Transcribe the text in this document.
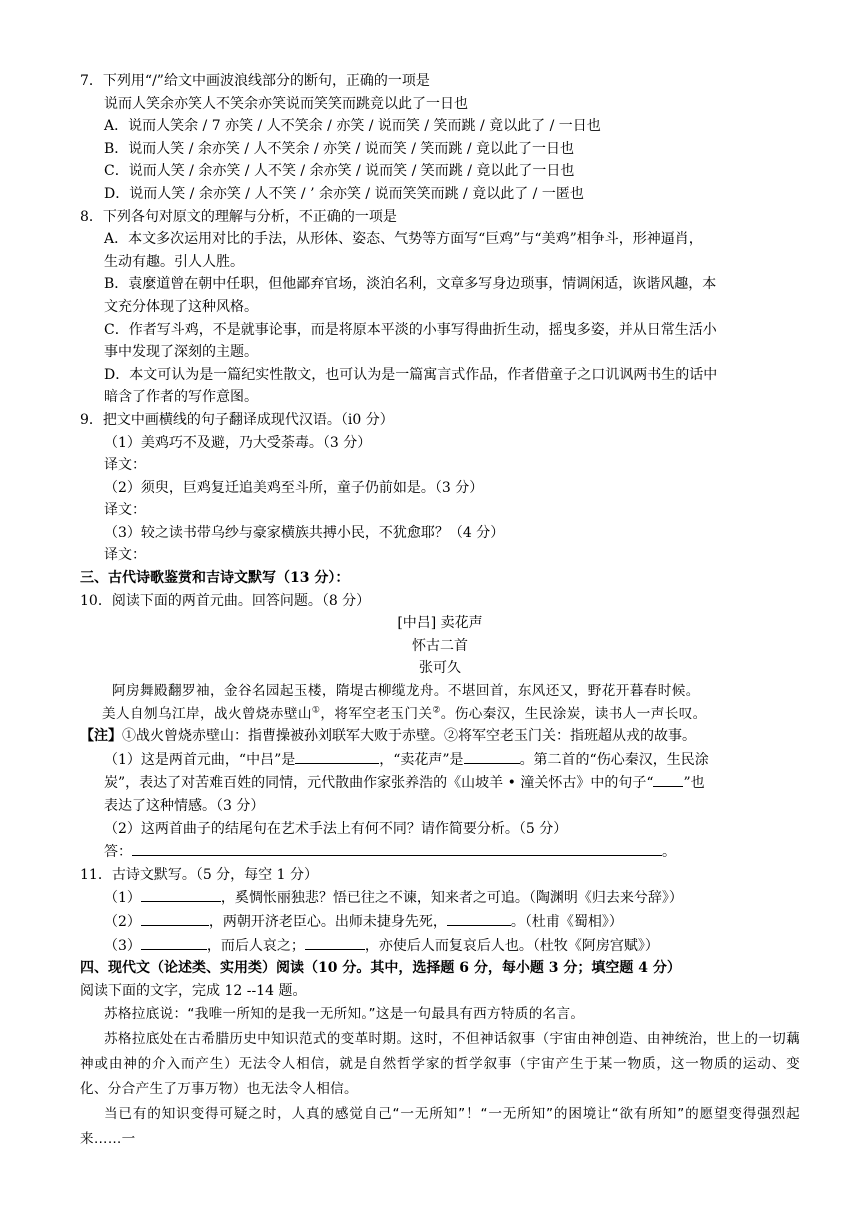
7．下列用“/”给文中画波浪线部分的断句，正确的一项是
说而人笑余亦笑人不笑余亦笑说而笑笑而跳竞以此了一日也
A．说而人笑余 / 7 亦笑 / 人不笑余 / 亦笑 / 说而笑 / 笑而跳 / 竟以此了 / 一日也
B．说而人笑 / 余亦笑 / 人不笑余 / 亦笑 / 说而笑 / 笑而跳 / 竟以此了一日也
C．说而人笑 / 余亦笑 / 人不笑 / 余亦笑 / 说而笑 / 笑而跳 / 竟以此了一日也
D．说而人笑 / 余亦笑 / 人不笑 / ’ 余亦笑 / 说而笑笑而跳 / 竟以此了 / 一匿也
8．下列各句对原文的理解与分析，不正确的一项是
A．本文多次运用对比的手法，从形体、姿态、气势等方面写“巨鸡”与“美鸡”相争斗，形神逼肖，
生动有趣。引人人胜。
B．袁麼道曾在朝中任职，但他鄙弃官场，淡泊名利，文章多写身边琐事，情调闲适，诙谐风趣，本
文充分体现了这种风格。
C．作者写斗鸡，不是就事论事，而是将原本平淡的小事写得曲折生动，摇曳多姿，并从日常生活小
事中发现了深刻的主题。
D．本文可认为是一篇纪实性散文，也可认为是一篇寓言式作品，作者借童子之口讥讽两书生的话中
暗含了作者的写作意图。
9．把文中画横线的句子翻译成现代汉语。（i0 分）
（1）美鸡巧不及避，乃大受荼毒。（3 分）
译文：
（2）须臾，巨鸡复迁追美鸡至斗所，童子仍前如是。（3 分）
译文：
（3）较之读书带乌纱与豪家横族共搏小民，不犹愈耶？（4 分）
译文：
三、古代诗歌鉴赏和吉诗文默写（13 分）：
10．阅读下面的两首元曲。回答问题。（8 分）
[中吕] 卖花声
怀古二首
张可久
阿房舞殿翻罗袖，金谷名园起玉楼，隋堤古柳缆龙舟。不堪回首，东风还又，野花开暮春时候。
美人自刎乌江岸，战火曾烧赤壁山①，将军空老玉门关②。伤心秦汉，生民涂炭，读书人一声长叹。
【注】①战火曾烧赤壁山：指曹操被孙刘联军大败于赤壁。②将军空老玉门关：指班超从戎的故事。
（1）这是两首元曲，“中吕”是	，“卖花声”是	。第二首的“伤心秦汉，生民涂
炭”，表达了对苦难百姓的同情，元代散曲作家张养浩的《山坡羊 • 潼关怀古》中的句子“ ”也
表达了这种情感。（3 分）
（2）这两首曲子的结尾句在艺术手法上有何不同？请作简要分析。（5 分）
答：	。
11．古诗文默写。（5 分，每空 1 分）
（1）	，奚惆怅丽独悲？悟已往之不谏，知来者之可追。（陶渊明《归去来兮辞》）
（2）	，两朝开济老臣心。出师未捷身先死，	。（杜甫《蜀相》）
（3）	，而后人哀之；	，亦使后人而复哀后人也。（杜牧《阿房宫赋》）
四、现代文（论述类、实用类）阅读（10 分。其中，选择题 6 分，每小题 3 分；填空题 4 分）
阅读下面的文字，完成 12 --14 题。
苏格拉底说：“我唯一所知的是我一无所知。”这是一句最具有西方特质的名言。
苏格拉底处在古希腊历史中知识范式的变革时期。这时，不但神话叙事（宇宙由神创造、由神统治，世上的一切藕神或由神的介入而产生）无法令人相信，就是自然哲学家的哲学叙事（宇宙产生于某一物质，这一物质的运动、变化、分合产生了万事万物）也无法令人相信。
当已有的知识变得可疑之时，人真的感觉自己“一无所知”！“一无所知”的困境让“欲有所知”的愿望变得强烈起来……一
